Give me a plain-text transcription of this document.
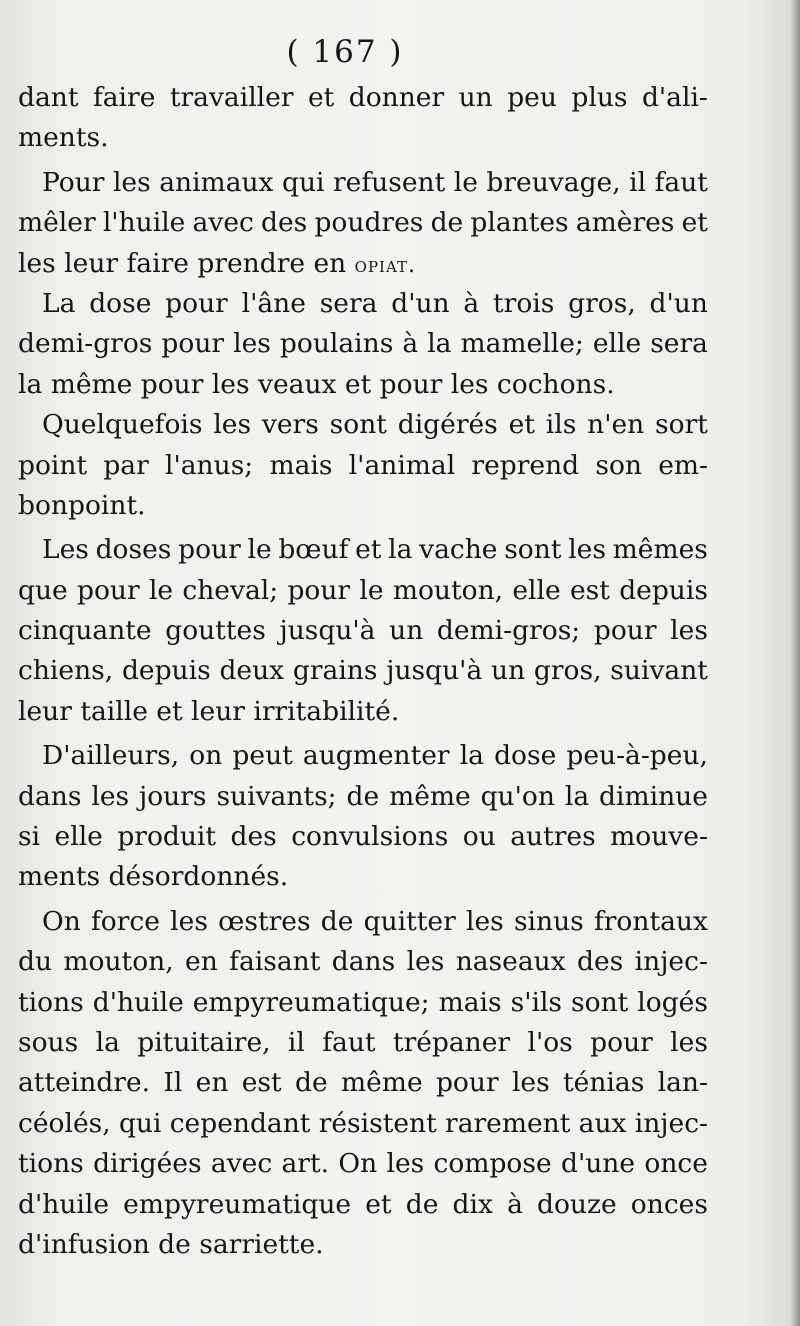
( 167 )
dant faire travailler et donner un peu plus d'ali-
ments.
Pour les animaux qui refusent le breuvage, il faut
mêler l'huile avec des poudres de plantes amères et
les leur faire prendre en opiat.
La dose pour l'âne sera d'un à trois gros, d'un
demi-gros pour les poulains à la mamelle; elle sera
la même pour les veaux et pour les cochons.
Quelquefois les vers sont digérés et ils n'en sort
point par l'anus; mais l'animal reprend son em-
bonpoint.
Les doses pour le bœuf et la vache sont les mêmes
que pour le cheval; pour le mouton, elle est depuis
cinquante gouttes jusqu'à un demi-gros; pour les
chiens, depuis deux grains jusqu'à un gros, suivant
leur taille et leur irritabilité.
D'ailleurs, on peut augmenter la dose peu-à-peu,
dans les jours suivants; de même qu'on la diminue
si elle produit des convulsions ou autres mouve-
ments désordonnés.
On force les œstres de quitter les sinus frontaux
du mouton, en faisant dans les naseaux des injec-
tions d'huile empyreumatique; mais s'ils sont logés
sous la pituitaire, il faut trépaner l'os pour les
atteindre. Il en est de même pour les ténias lan-
céolés, qui cependant résistent rarement aux injec-
tions dirigées avec art. On les compose d'une once
d'huile empyreumatique et de dix à douze onces
d'infusion de sarriette.
